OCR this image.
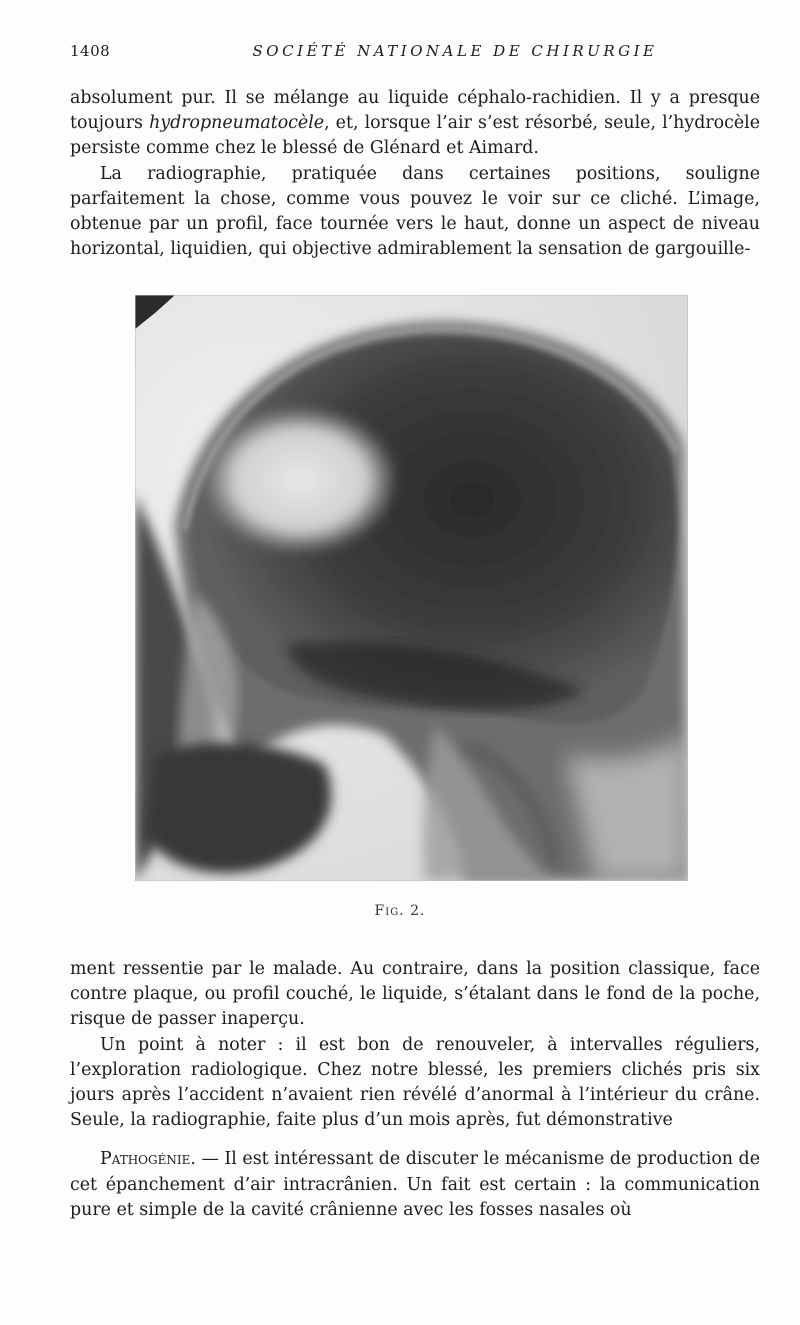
1408	SOCIÉTÉ NATIONALE DE CHIRURGIE

absolument pur. Il se mélange au liquide céphalo-rachidien. Il y a presque toujours hydropneumatocèle, et, lorsque l’air s’est résorbé, seule, l’hydrocèle persiste comme chez le blessé de Glénard et Aimard.

La radiographie, pratiquée dans certaines positions, souligne parfaitement la chose, comme vous pouvez le voir sur ce cliché. L’image, obtenue par un profil, face tournée vers le haut, donne un aspect de niveau horizontal, liquidien, qui objective admirablement la sensation de gargouille-

Fig. 2.

ment ressentie par le malade. Au contraire, dans la position classique, face contre plaque, ou profil couché, le liquide, s’étalant dans le fond de la poche, risque de passer inaperçu.

Un point à noter : il est bon de renouveler, à intervalles réguliers, l’exploration radiologique. Chez notre blessé, les premiers clichés pris six jours après l’accident n’avaient rien révélé d’anormal à l’intérieur du crâne. Seule, la radiographie, faite plus d’un mois après, fut démonstrative

Pathogénie. — Il est intéressant de discuter le mécanisme de production de cet épanchement d’air intracrânien. Un fait est certain : la communication pure et simple de la cavité crânienne avec les fosses nasales où
